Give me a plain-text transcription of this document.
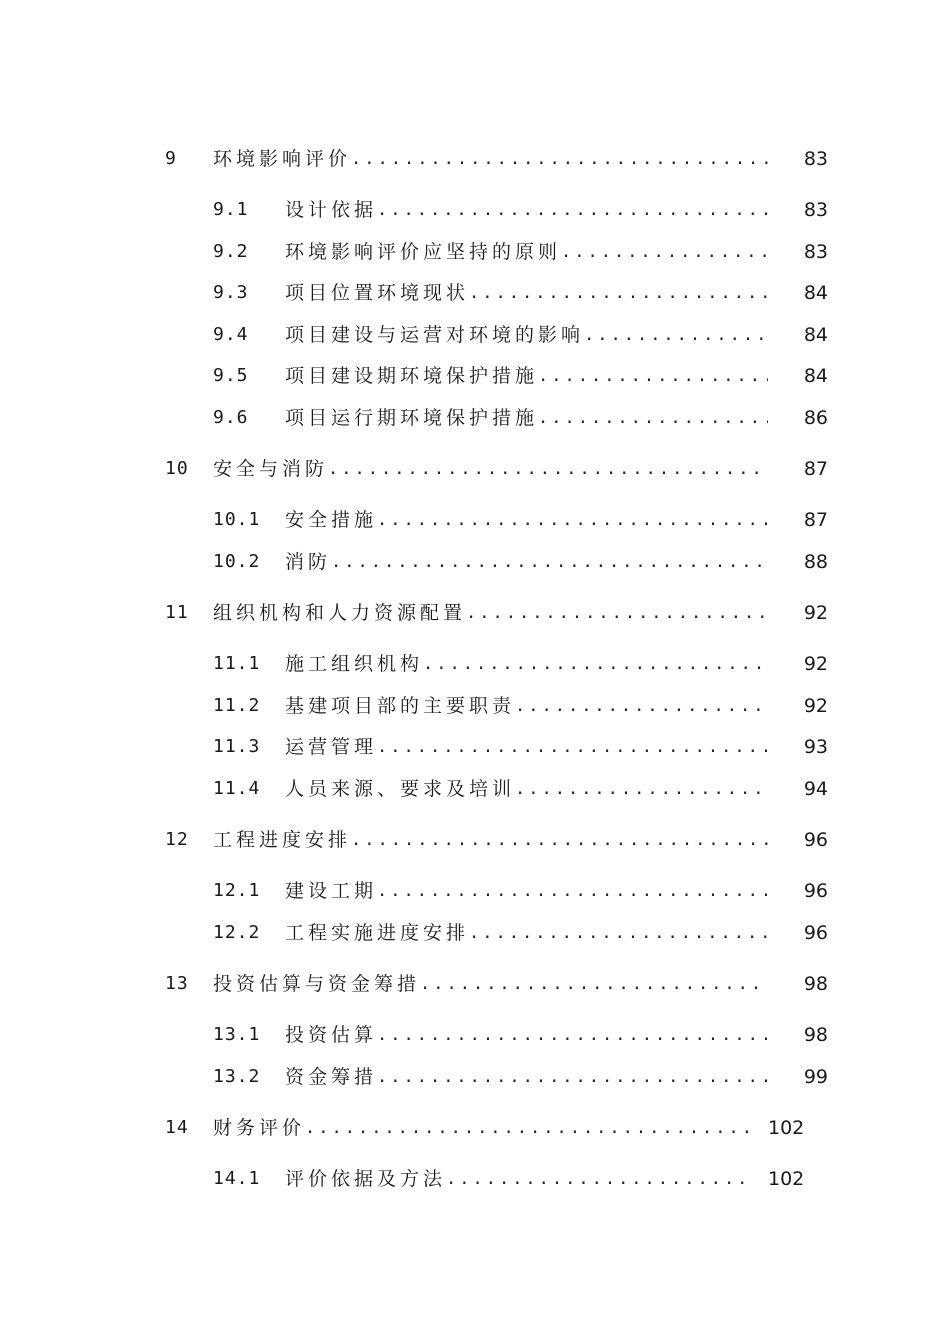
9	环境影响评价 .....	83
9.1	设计依据 .....	83
9.2	环境影响评价应坚持的原则 .....	83
9.3	项目位置环境现状 .....	84
9.4	项目建设与运营对环境的影响 .....	84
9.5	项目建设期环境保护措施 .....	84
9.6	项目运行期环境保护措施 .....	86
10	安全与消防 .....	87
10.1	安全措施 .....	87
10.2	消防 .....	88
11	组织机构和人力资源配置 .....	92
11.1	施工组织机构 .....	92
11.2	基建项目部的主要职责 .....	92
11.3	运营管理 .....	93
11.4	人员来源、要求及培训 .....	94
12	工程进度安排 .....	96
12.1	建设工期 .....	96
12.2	工程实施进度安排 .....	96
13	投资估算与资金筹措 .....	98
13.1	投资估算 .....	98
13.2	资金筹措 .....	99
14	财务评价 .....	102
14.1	评价依据及方法 .....	102
